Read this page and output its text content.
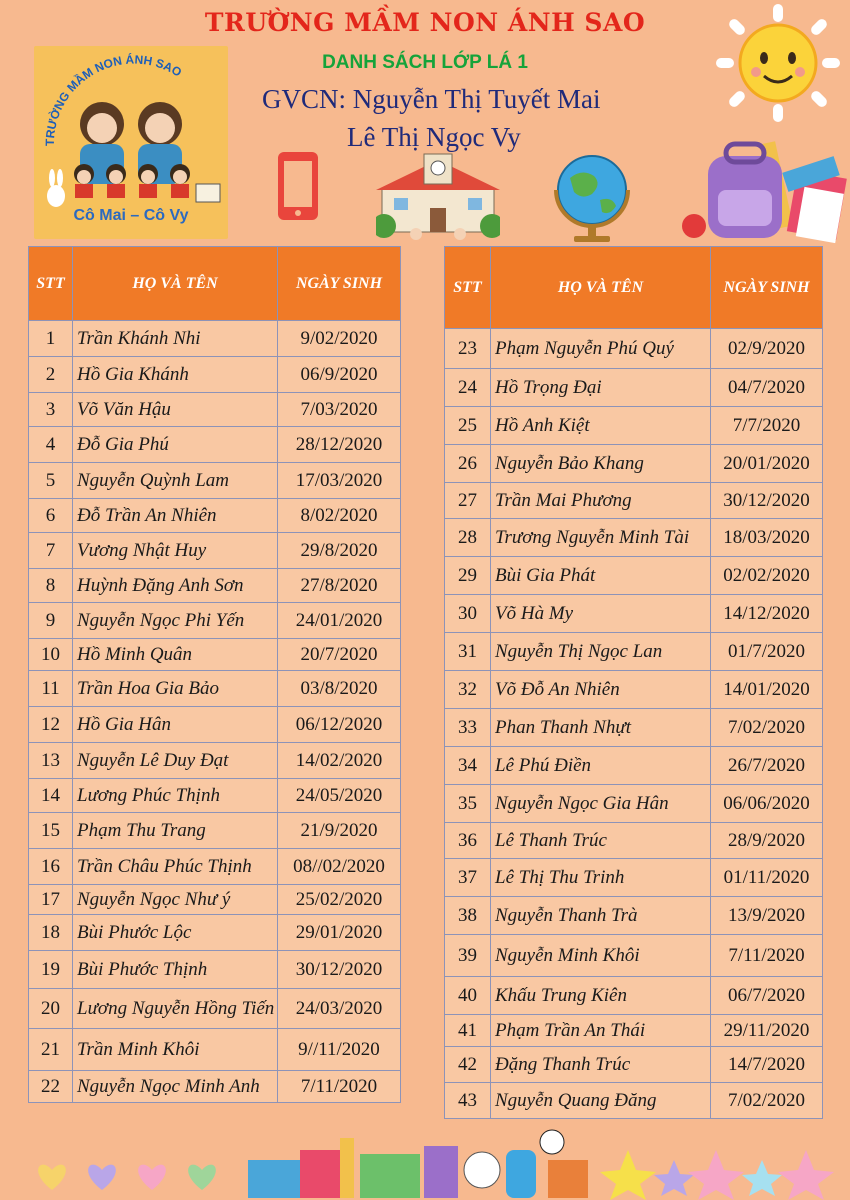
TRƯỜNG MẦM NON ÁNH SAO
DANH SÁCH LỚP LÁ 1
GVCN: Nguyễn Thị Tuyết Mai
Lê Thị Ngọc Vy
TRƯỜNG MẦM NON ÁNH SAO
Cô Mai – Cô Vy
STT	HỌ VÀ TÊN	NGÀY SINH
1	Trần Khánh Nhi	9/02/2020
2	Hồ Gia Khánh	06/9/2020
3	Võ Văn Hậu	7/03/2020
4	Đỗ Gia Phú	28/12/2020
5	Nguyễn Quỳnh Lam	17/03/2020
6	Đỗ Trần An Nhiên	8/02/2020
7	Vương Nhật Huy	29/8/2020
8	Huỳnh Đặng Anh Sơn	27/8/2020
9	Nguyễn Ngọc Phi Yến	24/01/2020
10	Hồ Minh Quân	20/7/2020
11	Trần Hoa Gia Bảo	03/8/2020
12	Hồ Gia Hân	06/12/2020
13	Nguyễn Lê Duy Đạt	14/02/2020
14	Lương Phúc Thịnh	24/05/2020
15	Phạm Thu Trang	21/9/2020
16	Trần Châu Phúc Thịnh	08//02/2020
17	Nguyễn Ngọc Như ý	25/02/2020
18	Bùi Phước Lộc	29/01/2020
19	Bùi Phước Thịnh	30/12/2020
20	Lương Nguyễn Hồng Tiến	24/03/2020
21	Trần Minh Khôi	9//11/2020
22	Nguyễn Ngọc Minh Anh	7/11/2020
STT	HỌ VÀ TÊN	NGÀY SINH
23	Phạm Nguyễn Phú Quý	02/9/2020
24	Hồ Trọng Đại	04/7/2020
25	Hồ Anh Kiệt	7/7/2020
26	Nguyễn Bảo Khang	20/01/2020
27	Trần Mai Phương	30/12/2020
28	Trương Nguyễn Minh Tài	18/03/2020
29	Bùi Gia Phát	02/02/2020
30	Võ Hà My	14/12/2020
31	Nguyễn Thị Ngọc Lan	01/7/2020
32	Võ Đỗ An Nhiên	14/01/2020
33	Phan Thanh Nhựt	7/02/2020
34	Lê Phú Điền	26/7/2020
35	Nguyễn Ngọc Gia Hân	06/06/2020
36	Lê Thanh Trúc	28/9/2020
37	Lê Thị Thu Trinh	01/11/2020
38	Nguyễn Thanh Trà	13/9/2020
39	Nguyễn Minh Khôi	7/11/2020
40	Khấu Trung Kiên	06/7/2020
41	Phạm Trần An Thái	29/11/2020
42	Đặng Thanh Trúc	14/7/2020
43	Nguyễn Quang Đăng	7/02/2020
